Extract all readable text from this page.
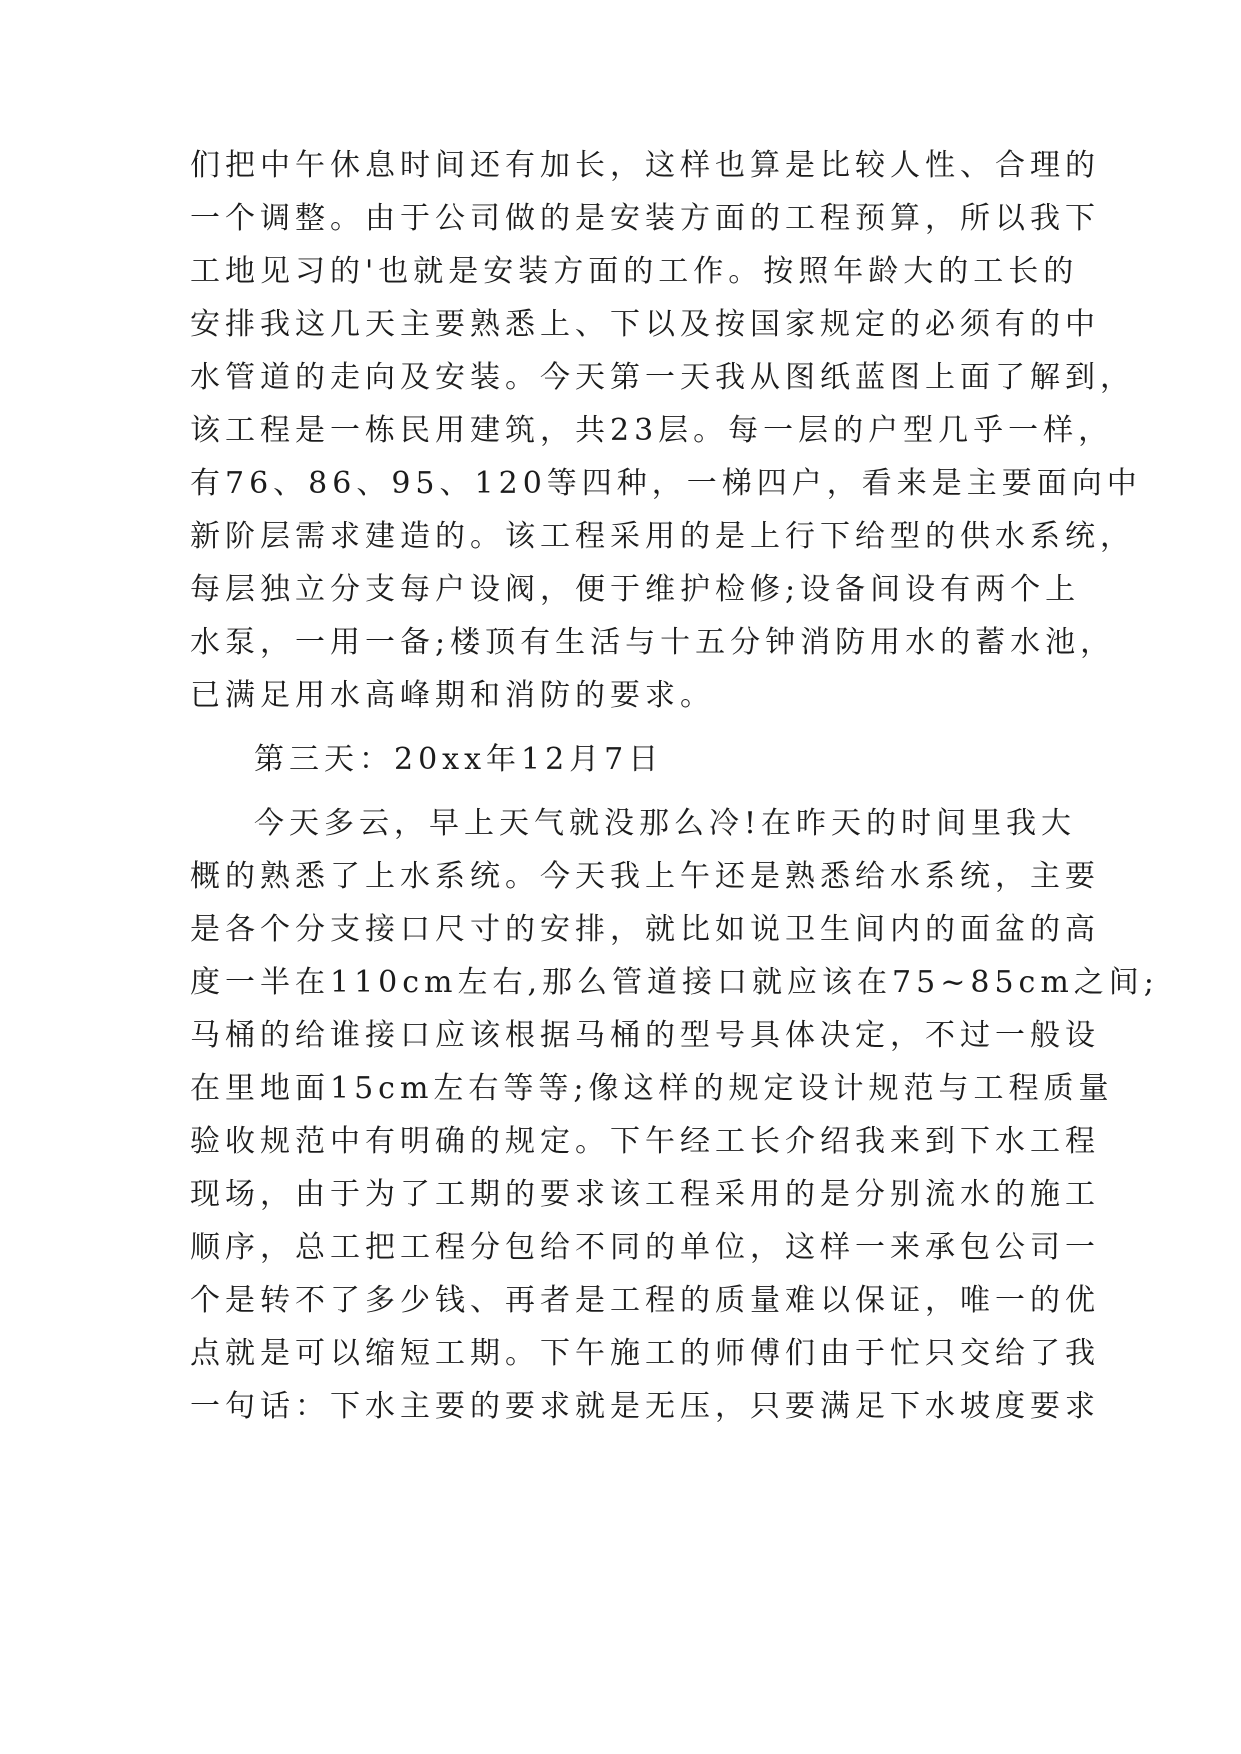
们把中午休息时间还有加长，这样也算是比较人性、合理的
一个调整。由于公司做的是安装方面的工程预算，所以我下
工地见习的'也就是安装方面的工作。按照年龄大的工长的
安排我这几天主要熟悉上、下以及按国家规定的必须有的中
水管道的走向及安装。今天第一天我从图纸蓝图上面了解到，
该工程是一栋民用建筑，共23层。每一层的户型几乎一样，
有76、86、95、120等四种，一梯四户，看来是主要面向中
新阶层需求建造的。该工程采用的是上行下给型的供水系统，
每层独立分支每户设阀，便于维护检修;设备间设有两个上
水泵，一用一备;楼顶有生活与十五分钟消防用水的蓄水池，
已满足用水高峰期和消防的要求。
第三天：20xx年12月7日
今天多云，早上天气就没那么冷!在昨天的时间里我大
概的熟悉了上水系统。今天我上午还是熟悉给水系统，主要
是各个分支接口尺寸的安排，就比如说卫生间内的面盆的高
度一半在110cm左右,那么管道接口就应该在75~85cm之间;
马桶的给谁接口应该根据马桶的型号具体决定，不过一般设
在里地面15cm左右等等;像这样的规定设计规范与工程质量
验收规范中有明确的规定。下午经工长介绍我来到下水工程
现场，由于为了工期的要求该工程采用的是分别流水的施工
顺序，总工把工程分包给不同的单位，这样一来承包公司一
个是转不了多少钱、再者是工程的质量难以保证，唯一的优
点就是可以缩短工期。下午施工的师傅们由于忙只交给了我
一句话：下水主要的要求就是无压，只要满足下水坡度要求
